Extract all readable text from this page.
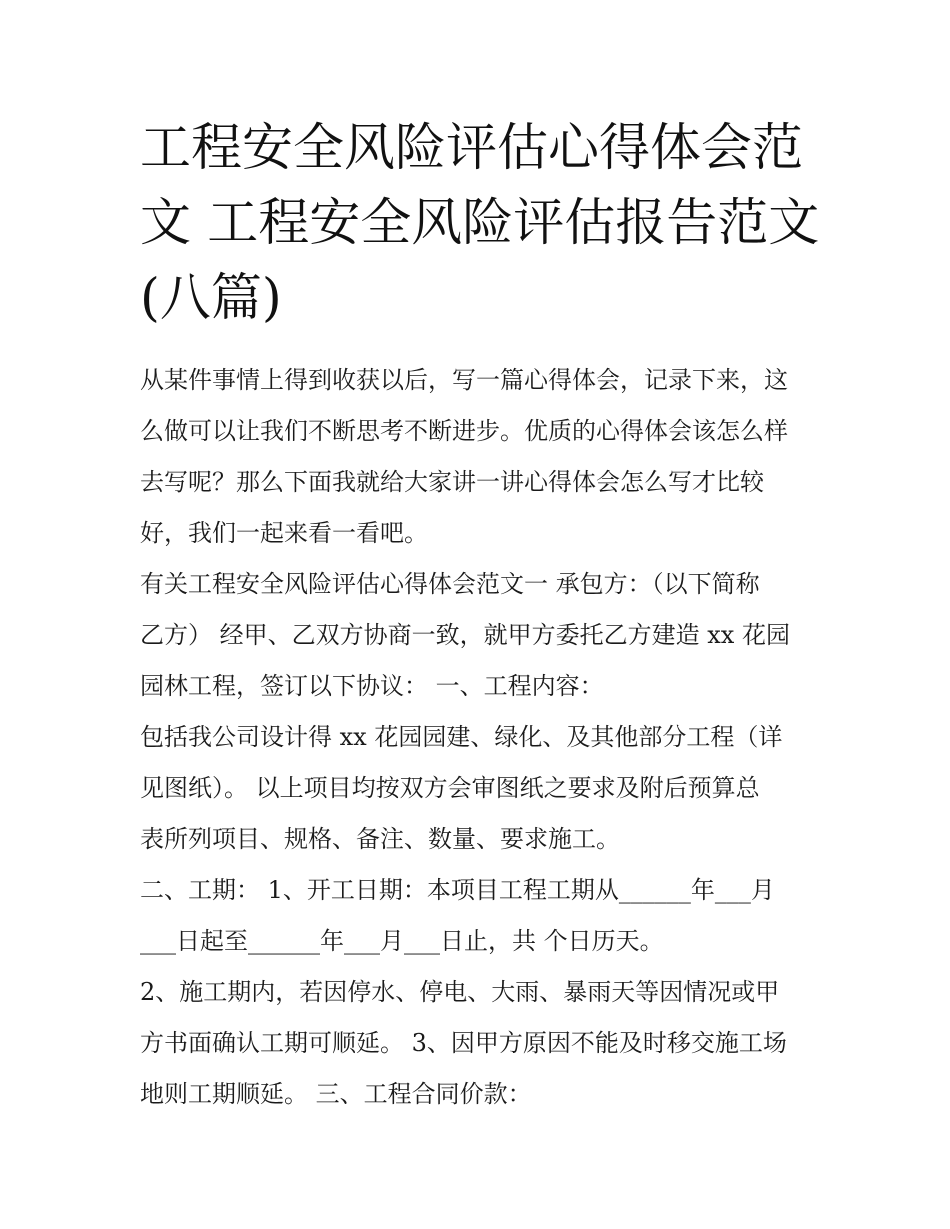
工程安全风险评估心得体会范
文 工程安全风险评估报告范文
(八篇)
从某件事情上得到收获以后，写一篇心得体会，记录下来，这
么做可以让我们不断思考不断进步。优质的心得体会该怎么样
去写呢？那么下面我就给大家讲一讲心得体会怎么写才比较
好，我们一起来看一看吧。
有关工程安全风险评估心得体会范文一 承包方：（以下简称
乙方） 经甲、乙双方协商一致，就甲方委托乙方建造 xx 花园
园林工程，签订以下协议： 一、工程内容：
包括我公司设计得 xx 花园园建、绿化、及其他部分工程（详
见图纸）。 以上项目均按双方会审图纸之要求及附后预算总
表所列项目、规格、备注、数量、要求施工。
二、工期： 1、开工日期：本项目工程工期从______年___月
___日起至______年___月___日止，共 个日历天。
2、施工期内，若因停水、停电、大雨、暴雨天等因情况或甲
方书面确认工期可顺延。 3、因甲方原因不能及时移交施工场
地则工期顺延。 三、工程合同价款：
